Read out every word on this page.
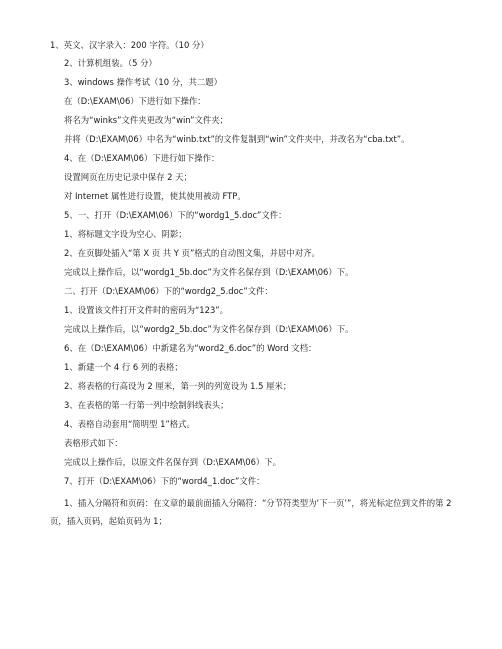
1、英文、汉字录入：200 字符。（10 分）
2、计算机组装。（5 分）
3、windows 操作考试（10 分，共二题）
在（D:\EXAM\06）下进行如下操作：
将名为“winks”文件夹更改为“win”文件夹；
并将（D:\EXAM\06）中名为“winb.txt”的文件复制到“win”文件夹中，并改名为“cba.txt”。
4、在（D:\EXAM\06）下进行如下操作：
设置网页在历史记录中保存 2 天；
对 Internet 属性进行设置，使其使用被动 FTP。
5、一、打开（D:\EXAM\06）下的“wordg1_5.doc”文件：
1、将标题文字设为空心、阴影；
2、在页脚处插入“第 X 页 共 Y 页”格式的自动图文集，并居中对齐。
完成以上操作后，以“wordg1_5b.doc”为文件名保存到（D:\EXAM\06）下。
二、打开（D:\EXAM\06）下的“wordg2_5.doc”文件：
1、设置该文件打开文件时的密码为“123”。
完成以上操作后，以“wordg2_5b.doc”为文件名保存到（D:\EXAM\06）下。
6、在（D:\EXAM\06）中新建名为“word2_6.doc”的 Word 文档：
1、新建一个 4 行 6 列的表格；
2、将表格的行高设为 2 厘米，第一列的列宽设为 1.5 厘米；
3、在表格的第一行第一列中绘制斜线表头；
4、表格自动套用“简明型 1”格式。
表格形式如下：
完成以上操作后，以原文件名保存到（D:\EXAM\06）下。
7、打开（D:\EXAM\06）下的“word4_1.doc”文件：
1、插入分隔符和页码：在文章的最前面插入分隔符：“分节符类型为‘下一页’”，将光标定位到文件的第 2 页，插入页码，起始页码为 1；
